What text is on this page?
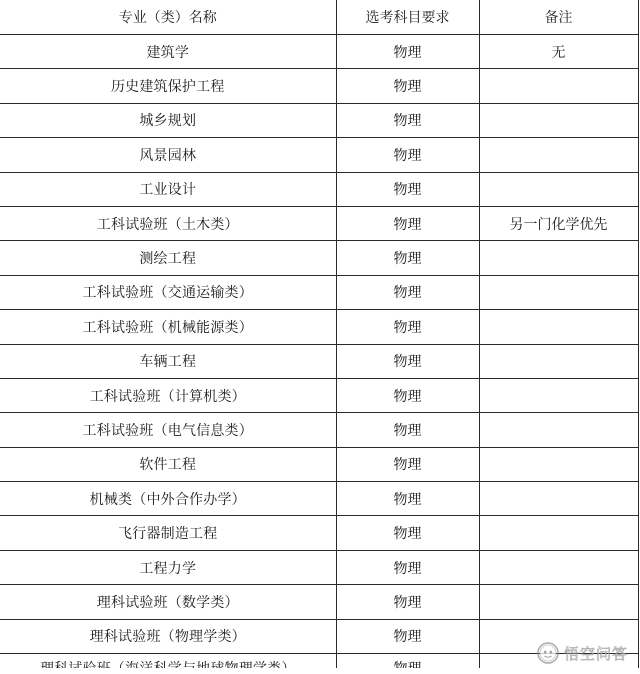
专业（类）名称	选考科目要求	备注
建筑学	物理	无
历史建筑保护工程	物理	
城乡规划	物理	
风景园林	物理	
工业设计	物理	
工科试验班（土木类）	物理	另一门化学优先
测绘工程	物理	
工科试验班（交通运输类）	物理	
工科试验班（机械能源类）	物理	
车辆工程	物理	
工科试验班（计算机类）	物理	
工科试验班（电气信息类）	物理	
软件工程	物理	
机械类（中外合作办学）	物理	
飞行器制造工程	物理	
工程力学	物理	
理科试验班（数学类）	物理	
理科试验班（物理学类）	物理	

悟空问答
